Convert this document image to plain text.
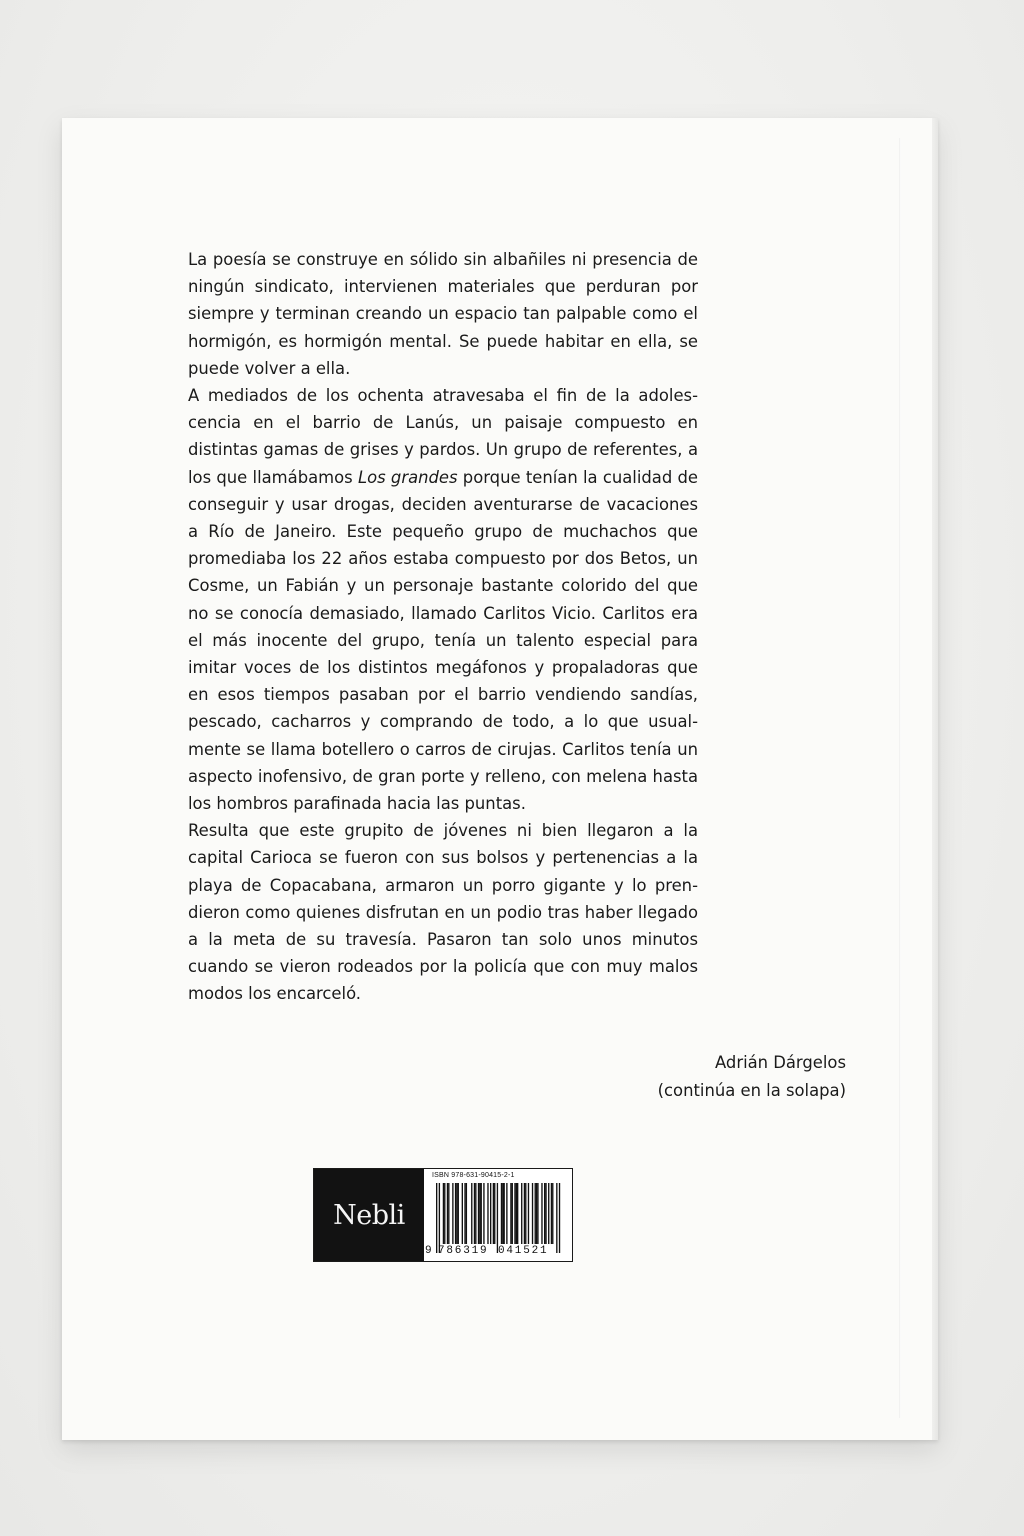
La poesía se construye en sólido sin albañiles ni presencia de ningún sindicato, intervienen materiales que perduran por siempre y terminan creando un espacio tan palpable como el hormigón, es hormigón mental. Se puede habitar en ella, se puede volver a ella.

A mediados de los ochenta atravesaba el fin de la adolescencia en el barrio de Lanús, un paisaje compuesto en distintas gamas de grises y pardos. Un grupo de referentes, a los que llamábamos Los grandes porque tenían la cualidad de conseguir y usar drogas, deciden aventurarse de vacaciones a Río de Janeiro. Este pequeño grupo de muchachos que promediaba los 22 años estaba compuesto por dos Betos, un Cosme, un Fabián y un personaje bastante colorido del que no se conocía demasiado, llamado Carlitos Vicio. Carlitos era el más inocente del grupo, tenía un talento especial para imitar voces de los distintos megáfonos y propaladoras que en esos tiempos pasaban por el barrio vendiendo sandías, pescado, cacharros y comprando de todo, a lo que usualmente se llama botellero o carros de cirujas. Carlitos tenía un aspecto inofensivo, de gran porte y relleno, con melena hasta los hombros parafinada hacia las puntas.

Resulta que este grupito de jóvenes ni bien llegaron a la capital Carioca se fueron con sus bolsos y pertenencias a la playa de Copacabana, armaron un porro gigante y lo prendieron como quienes disfrutan en un podio tras haber llegado a la meta de su travesía. Pasaron tan solo unos minutos cuando se vieron rodeados por la policía que con muy malos modos los encarceló.

Adrián Dárgelos
(continúa en la solapa)
Nebli
ISBN 978-631-90415-2-1
9 786319 041521
